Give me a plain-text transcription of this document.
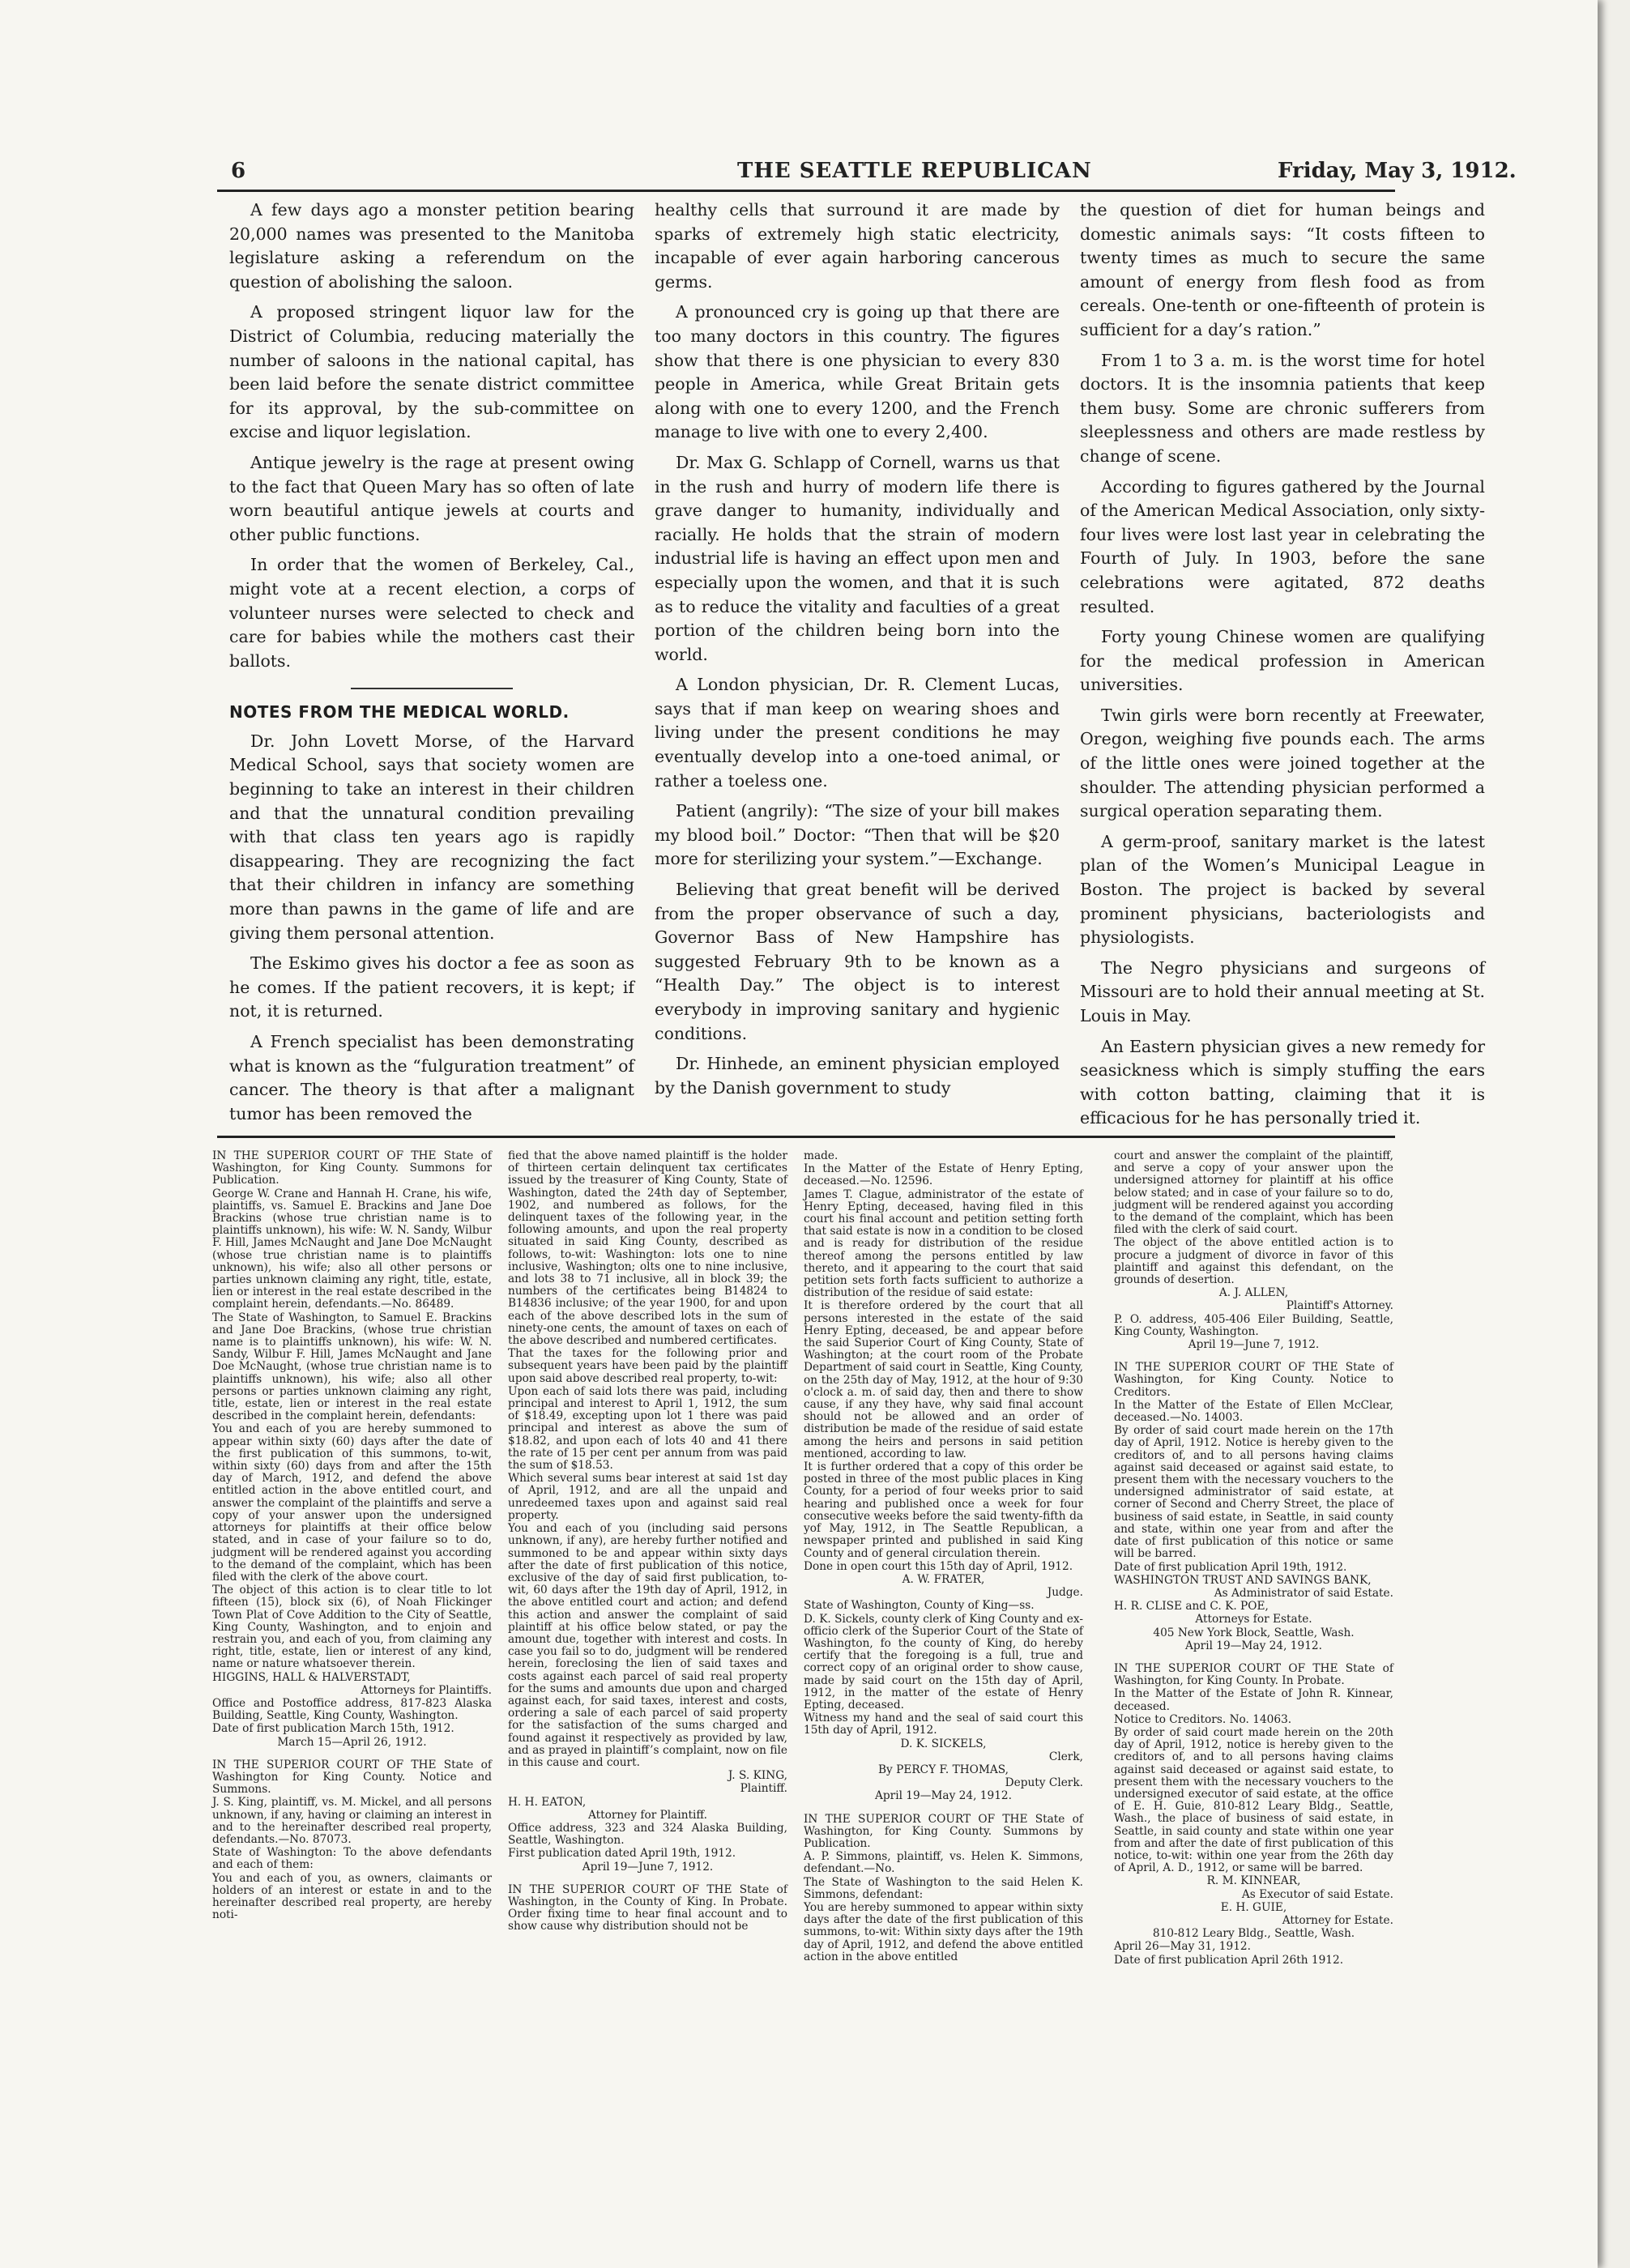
6	THE SEATTLE REPUBLICAN	Friday, May 3, 1912.

A few days ago a monster petition bearing 20,000 names was presented to the Manitoba legislature asking a referendum on the question of abolishing the saloon.

A proposed stringent liquor law for the District of Columbia, reducing materially the number of saloons in the national capital, has been laid before the senate district committee for its approval, by the sub-committee on excise and liquor legislation.

Antique jewelry is the rage at present owing to the fact that Queen Mary has so often of late worn beautiful antique jewels at courts and other public functions.

In order that the women of Berkeley, Cal., might vote at a recent election, a corps of volunteer nurses were selected to check and care for babies while the mothers cast their ballots.

NOTES FROM THE MEDICAL WORLD.

Dr. John Lovett Morse, of the Harvard Medical School, says that society women are beginning to take an interest in their children and that the unnatural condition prevailing with that class ten years ago is rapidly disappearing. They are recognizing the fact that their children in infancy are something more than pawns in the game of life and are giving them personal attention.

The Eskimo gives his doctor a fee as soon as he comes. If the patient recovers, it is kept; if not, it is returned.

A French specialist has been demonstrating what is known as the “fulguration treatment” of cancer. The theory is that after a malignant tumor has been removed the

healthy cells that surround it are made by sparks of extremely high static electricity, incapable of ever again harboring cancerous germs.

A pronounced cry is going up that there are too many doctors in this country. The figures show that there is one physician to every 830 people in America, while Great Britain gets along with one to every 1200, and the French manage to live with one to every 2,400.

Dr. Max G. Schlapp of Cornell, warns us that in the rush and hurry of modern life there is grave danger to humanity, individually and racially. He holds that the strain of modern industrial life is having an effect upon men and especially upon the women, and that it is such as to reduce the vitality and faculties of a great portion of the children being born into the world.

A London physician, Dr. R. Clement Lucas, says that if man keep on wearing shoes and living under the present conditions he may eventually develop into a one-toed animal, or rather a toeless one.

Patient (angrily): “The size of your bill makes my blood boil.” Doctor: “Then that will be $20 more for sterilizing your system.”—Exchange.

Believing that great benefit will be derived from the proper observance of such a day, Governor Bass of New Hampshire has suggested February 9th to be known as a “Health Day.” The object is to interest everybody in improving sanitary and hygienic conditions.

Dr. Hinhede, an eminent physician employed by the Danish government to study

the question of diet for human beings and domestic animals says: “It costs fifteen to twenty times as much to secure the same amount of energy from flesh food as from cereals. One-tenth or one-fifteenth of protein is sufficient for a day’s ration.”

From 1 to 3 a. m. is the worst time for hotel doctors. It is the insomnia patients that keep them busy. Some are chronic sufferers from sleeplessness and others are made restless by change of scene.

According to figures gathered by the Journal of the American Medical Association, only sixty-four lives were lost last year in celebrating the Fourth of July. In 1903, before the sane celebrations were agitated, 872 deaths resulted.

Forty young Chinese women are qualifying for the medical profession in American universities.

Twin girls were born recently at Freewater, Oregon, weighing five pounds each. The arms of the little ones were joined together at the shoulder. The attending physician performed a surgical operation separating them.

A germ-proof, sanitary market is the latest plan of the Women’s Municipal League in Boston. The project is backed by several prominent physicians, bacteriologists and physiologists.

The Negro physicians and surgeons of Missouri are to hold their annual meeting at St. Louis in May.

An Eastern physician gives a new remedy for seasickness which is simply stuffing the ears with cotton batting, claiming that it is efficacious for he has personally tried it.

IN THE SUPERIOR COURT OF THE State of Washington, for King County. Summons for Publication.

George W. Crane and Hannah H. Crane, his wife, plaintiffs, vs. Samuel E. Brackins and Jane Doe Brackins (whose true christian name is to plaintiffs unknown), his wife: W. N. Sandy, Wilbur F. Hill, James McNaught and Jane Doe McNaught (whose true christian name is to plaintiffs unknown), his wife; also all other persons or parties unknown claiming any right, title, estate, lien or interest in the real estate described in the complaint herein, defendants.—No. 86489.

The State of Washington, to Samuel E. Brackins and Jane Doe Brackins, (whose true christian name is to plaintiffs unknown), his wife: W. N. Sandy, Wilbur F. Hill, James McNaught and Jane Doe McNaught, (whose true christian name is to plaintiffs unknown), his wife; also all other persons or parties unknown claiming any right, title, estate, lien or interest in the real estate described in the complaint herein, defendants:

You and each of you are hereby summoned to appear within sixty (60) days after the date of the first publication of this summons, to-wit, within sixty (60) days from and after the 15th day of March, 1912, and defend the above entitled action in the above entitled court, and answer the complaint of the plaintiffs and serve a copy of your answer upon the undersigned attorneys for plaintiffs at their office below stated, and in case of your failure so to do, judgment will be rendered against you according to the demand of the complaint, which has been filed with the clerk of the above court.

The object of this action is to clear title to lot fifteen (15), block six (6), of Noah Flickinger Town Plat of Cove Addition to the City of Seattle, King County, Washington, and to enjoin and restrain you, and each of you, from claiming any right, title, estate, lien or interest of any kind, name or nature whatsoever therein.

HIGGINS, HALL & HALVERSTADT,

Attorneys for Plaintiffs.

Office and Postoffice address, 817-823 Alaska Building, Seattle, King County, Washington.

Date of first publication March 15th, 1912.

March 15—April 26, 1912.

IN THE SUPERIOR COURT OF THE State of Washington for King County. Notice and Summons.

J. S. King, plaintiff, vs. M. Mickel, and all persons unknown, if any, having or claiming an interest in and to the hereinafter described real property, defendants.—No. 87073.

State of Washington: To the above defendants and each of them:

You and each of you, as owners, claimants or holders of an interest or estate in and to the hereinafter described real property, are hereby noti-

fied that the above named plaintiff is the holder of thirteen certain delinquent tax certificates issued by the treasurer of King County, State of Washington, dated the 24th day of September, 1902, and numbered as follows, for the delinquent taxes of the following year, in the following amounts, and upon the real property situated in said King County, described as follows, to-wit: Washington: lots one to nine inclusive, Washington; olts one to nine inclusive, and lots 38 to 71 inclusive, all in block 39; the numbers of the certificates being B14824 to B14836 inclusive; of the year 1900, for and upon each of the above described lots in the sum of ninety-one cents, the amount of taxes on each of the above described and numbered certificates.

That the taxes for the following prior and subsequent years have been paid by the plaintiff upon said above described real property, to-wit:

Upon each of said lots there was paid, including principal and interest to April 1, 1912, the sum of $18.49, excepting upon lot 1 there was paid principal and interest as above the sum of $18.82, and upon each of lots 40 and 41 there the rate of 15 per cent per annum from was paid the sum of $18.53.

Which several sums bear interest at said 1st day of April, 1912, and are all the unpaid and unredeemed taxes upon and against said real property.

You and each of you (including said persons unknown, if any), are hereby further notified and summoned to be and appear within sixty days after the date of first publication of this notice, exclusive of the day of said first publication, to-wit, 60 days after the 19th day of April, 1912, in the above entitled court and action; and defend this action and answer the complaint of said plaintiff at his office below stated, or pay the amount due, together with interest and costs. In case you fail so to do, judgment will be rendered herein, foreclosing the lien of said taxes and costs against each parcel of said real property for the sums and amounts due upon and charged against each, for said taxes, interest and costs, ordering a sale of each parcel of said property for the satisfaction of the sums charged and found against it respectively as provided by law, and as prayed in plaintiff’s complaint, now on file in this cause and court.

J. S. KING,

Plaintiff.

H. H. EATON,

Attorney for Plaintiff.

Office address, 323 and 324 Alaska Building, Seattle, Washington.

First publication dated April 19th, 1912.

April 19—June 7, 1912.

IN THE SUPERIOR COURT OF THE State of Washington, in the County of King. In Probate. Order fixing time to hear final account and to show cause why distribution should not be

made.

In the Matter of the Estate of Henry Epting, deceased.—No. 12596.

James T. Clague, administrator of the estate of Henry Epting, deceased, having filed in this court his final account and petition setting forth that said estate is now in a condition to be closed and is ready for distribution of the residue thereof among the persons entitled by law thereto, and it appearing to the court that said petition sets forth facts sufficient to authorize a distribution of the residue of said estate:

It is therefore ordered by the court that all persons interested in the estate of the said Henry Epting, deceased, be and appear before the said Superior Court of King County, State of Washington; at the court room of the Probate Department of said court in Seattle, King County, on the 25th day of May, 1912, at the hour of 9:30 o'clock a. m. of said day, then and there to show cause, if any they have, why said final account should not be allowed and an order of distribution be made of the residue of said estate among the heirs and persons in said petition mentioned, according to law.

It is further ordered that a copy of this order be posted in three of the most public places in King County, for a period of four weeks prior to said hearing and published once a week for four consecutive weeks before the said twenty-fifth da yof May, 1912, in The Seattle Republican, a newspaper printed and published in said King County and of general circulation therein.

Done in open court this 15th day of April, 1912.

A. W. FRATER,

Judge.

State of Washington, County of King—ss.

D. K. Sickels, county clerk of King County and ex-officio clerk of the Superior Court of the State of Washington, fo the county of King, do hereby certify that the foregoing is a full, true and correct copy of an original order to show cause, made by said court on the 15th day of April, 1912, in the matter of the estate of Henry Epting, deceased.

Witness my hand and the seal of said court this 15th day of April, 1912.

D. K. SICKELS,

Clerk,

By PERCY F. THOMAS,

Deputy Clerk.

April 19—May 24, 1912.

IN THE SUPERIOR COURT OF THE State of Washington, for King County. Summons by Publication.

A. P. Simmons, plaintiff, vs. Helen K. Simmons, defendant.—No.

The State of Washington to the said Helen K. Simmons, defendant:

You are hereby summoned to appear within sixty days after the date of the first publication of this summons, to-wit: Within sixty days after the 19th day of April, 1912, and defend the above entitled action in the above entitled

court and answer the complaint of the plaintiff, and serve a copy of your answer upon the undersigned attorney for plaintiff at his office below stated; and in case of your failure so to do, judgment will be rendered against you according to the demand of the complaint, which has been filed with the clerk of said court.

The object of the above entitled action is to procure a judgment of divorce in favor of this plaintiff and against this defendant, on the grounds of desertion.

A. J. ALLEN,

Plaintiff's Attorney.

P. O. address, 405-406 Eiler Building, Seattle, King County, Washington.

April 19—June 7, 1912.

IN THE SUPERIOR COURT OF THE State of Washington, for King County. Notice to Creditors.

In the Matter of the Estate of Ellen McClear, deceased.—No. 14003.

By order of said court made herein on the 17th day of April, 1912. Notice is hereby given to the creditors of, and to all persons having claims against said deceased or against said estate, to present them with the necessary vouchers to the undersigned administrator of said estate, at corner of Second and Cherry Street, the place of business of said estate, in Seattle, in said county and state, within one year from and after the date of first publication of this notice or same will be barred.

Date of first publication April 19th, 1912.

WASHINGTON TRUST AND SAVINGS BANK,

As Administrator of said Estate.

H. R. CLISE and C. K. POE,

Attorneys for Estate.

405 New York Block, Seattle, Wash.

April 19—May 24, 1912.

IN THE SUPERIOR COURT OF THE State of Washington, for King County. In Probate.

In the Matter of the Estate of John R. Kinnear, deceased.

Notice to Creditors. No. 14063.

By order of said court made herein on the 20th day of April, 1912, notice is hereby given to the creditors of, and to all persons having claims against said deceased or against said estate, to present them with the necessary vouchers to the undersigned executor of said estate, at the office of E. H. Guie, 810-812 Leary Bldg., Seattle, Wash., the place of business of said estate, in Seattle, in said county and state within one year from and after the date of first publication of this notice, to-wit: within one year from the 26th day of April, A. D., 1912, or same will be barred.

R. M. KINNEAR,

As Executor of said Estate.

E. H. GUIE,

Attorney for Estate.

810-812 Leary Bldg., Seattle, Wash.

April 26—May 31, 1912.

Date of first publication April 26th 1912.
